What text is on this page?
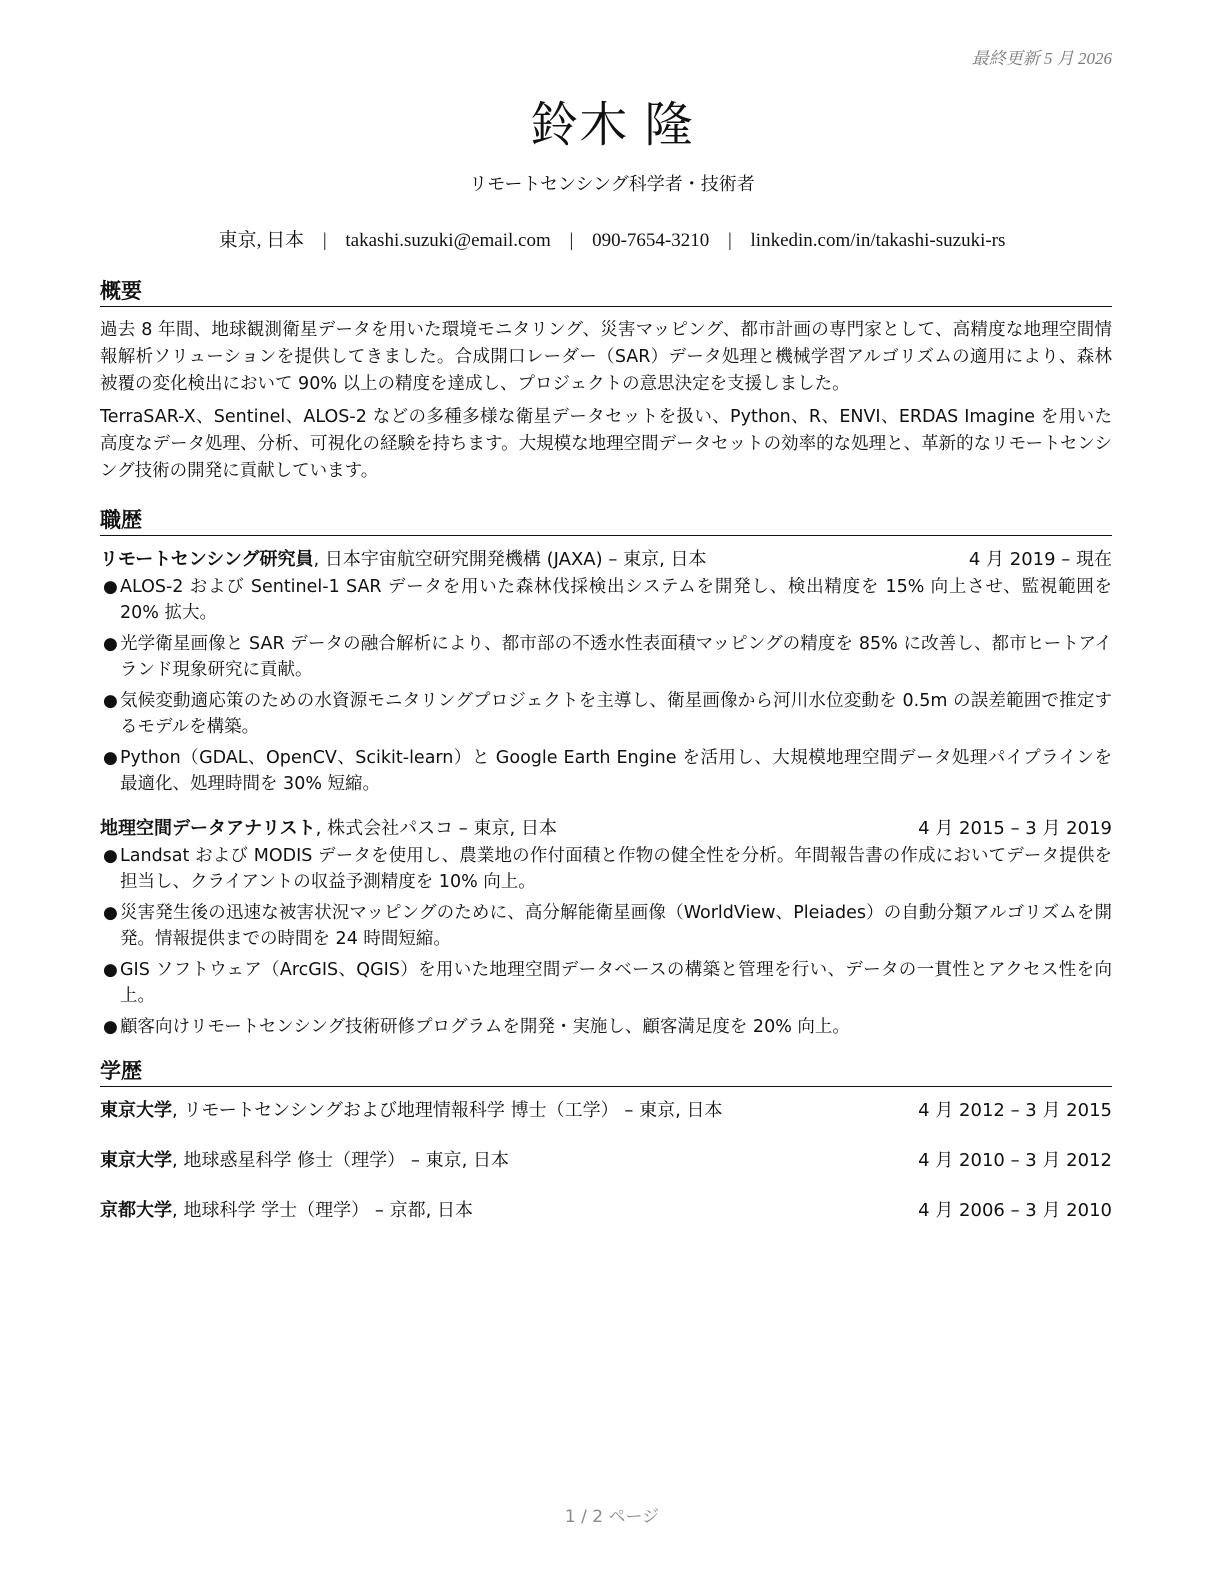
最終更新 5 月 2026
鈴木 隆
リモートセンシング科学者・技術者
東京, 日本 | takashi.suzuki@email.com | 090-7654-3210 | linkedin.com/in/takashi-suzuki-rs
概要

過去 8 年間、地球観測衛星データを用いた環境モニタリング、災害マッピング、都市計画の専門家として、高精度な地理空間情報解析ソリューションを提供してきました。合成開口レーダー（SAR）データ処理と機械学習アルゴリズムの適用により、森林被覆の変化検出において 90% 以上の精度を達成し、プロジェクトの意思決定を支援しました。

TerraSAR-X、Sentinel、ALOS-2 などの多種多様な衛星データセットを扱い、Python、R、ENVI、ERDAS Imagine を用いた高度なデータ処理、分析、可視化の経験を持ちます。大規模な地理空間データセットの効率的な処理と、革新的なリモートセンシング技術の開発に貢献しています。

職歴
リモートセンシング研究員, 日本宇宙航空研究開発機構 (JAXA) – 東京, 日本	4 月 2019 – 現在
● ALOS-2 および Sentinel-1 SAR データを用いた森林伐採検出システムを開発し、検出精度を 15% 向上させ、監視範囲を 20% 拡大。
● 光学衛星画像と SAR データの融合解析により、都市部の不透水性表面積マッピングの精度を 85% に改善し、都市ヒートアイランド現象研究に貢献。
● 気候変動適応策のための水資源モニタリングプロジェクトを主導し、衛星画像から河川水位変動を 0.5m の誤差範囲で推定するモデルを構築。
● Python（GDAL、OpenCV、Scikit-learn）と Google Earth Engine を活用し、大規模地理空間データ処理パイプラインを最適化、処理時間を 30% 短縮。
地理空間データアナリスト, 株式会社パスコ – 東京, 日本	4 月 2015 – 3 月 2019
● Landsat および MODIS データを使用し、農業地の作付面積と作物の健全性を分析。年間報告書の作成においてデータ提供を担当し、クライアントの収益予測精度を 10% 向上。
● 災害発生後の迅速な被害状況マッピングのために、高分解能衛星画像（WorldView、Pleiades）の自動分類アルゴリズムを開発。情報提供までの時間を 24 時間短縮。
● GIS ソフトウェア（ArcGIS、QGIS）を用いた地理空間データベースの構築と管理を行い、データの一貫性とアクセス性を向上。
● 顧客向けリモートセンシング技術研修プログラムを開発・実施し、顧客満足度を 20% 向上。
学歴
東京大学, リモートセンシングおよび地理情報科学 博士（工学） – 東京, 日本	4 月 2012 – 3 月 2015
東京大学, 地球惑星科学 修士（理学） – 東京, 日本	4 月 2010 – 3 月 2012
京都大学, 地球科学 学士（理学） – 京都, 日本	4 月 2006 – 3 月 2010
1 / 2 ページ
